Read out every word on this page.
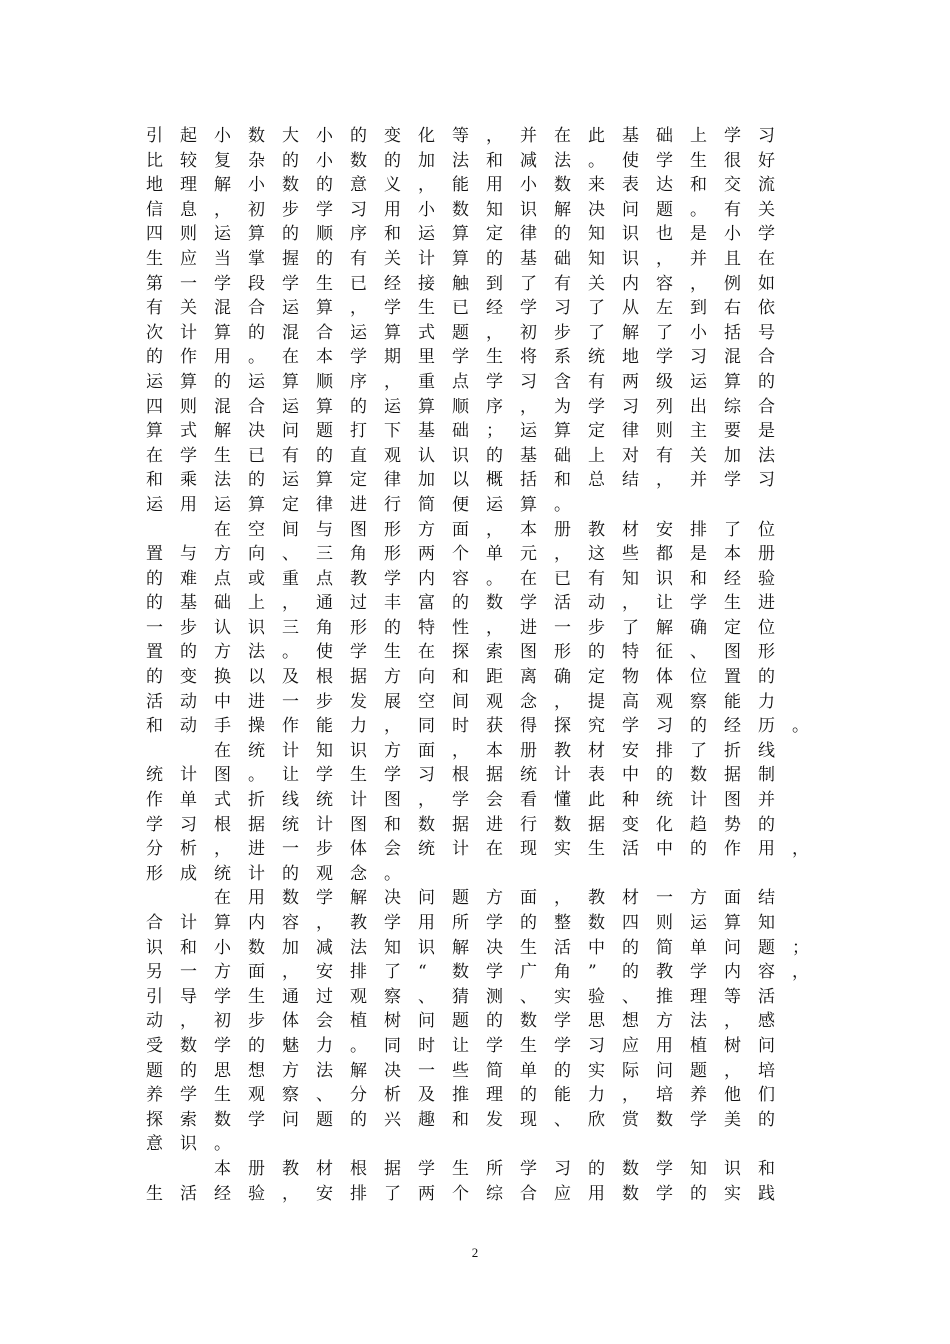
引 起 小 数 大 小 的 变 化 等 ， 并 在 此 基 础 上 学 习
比 较 复 杂 的 小 数 的 加 法 和 减 法 。 使 学 生 很 好
地 理 解 小 数 的 意 义 ， 能 用 小 数 来 表 达 和 交 流
信 息 ， 初 步 学 习 用 小 数 知 识 解 决 问 题 。 有 关
四 则 运 算 的 顺 序 和 运 算 定 律 的 知 识 也 是 小 学
生 应 当 掌 握 的 有 关 计 算 的 基 础 知 识 ， 并 且 在
第 一 学 段 学 生 已 经 接 触 到 了 有 关 内 容 ， 例 如
有 关 混 合 运 算 ， 学 生 已 经 学 习 了 从 左 到 右 依
次 计 算 的 混 合 运 算 式 题 ， 初 步 了 解 了 小 括 号
的 作 用 。 在 本 学 期 里 学 生 将 系 统 地 学 习 混 合
运 算 的 运 算 顺 序 ， 重 点 学 习 含 有 两 级 运 算 的
四 则 混 合 运 算 的 运 算 顺 序 ， 为 学 习 列 出 综 合
算 式 解 决 问 题 打 下 基 础 ； 运 算 定 律 则 主 要 是
在 学 生 已 有 的 直 观 认 识 的 基 础 上 对 有 关 加 法
和 乘 法 的 运 算 定 律 加 以 概 括 和 总 结 ， 并 学 习
运 用 运 算 定 律 进 行 简 便 运 算 。
　　在 空 间 与 图 形 方 面 ， 本 册 教 材 安 排 了 位
置 与 方 向 、 三 角 形 两 个 单 元 ， 这 些 都 是 本 册
的 难 点 或 重 点 教 学 内 容 。 在 已 有 知 识 和 经 验
的 基 础 上 ， 通 过 丰 富 的 数 学 活 动 ， 让 学 生 进
一 步 认 识 三 角 形 的 特 性 ， 进 一 步 了 解 确 定 位
置 的 方 法 。 使 学 生 在 探 索 图 形 的 特 征 、 图 形
的 变 换 以 及 根 据 方 向 和 距 离 确 定 物 体 位 置 的
活 动 中 进 一 步 发 展 空 间 观 念 ， 提 高 观 察 能 力
和 动 手 操 作 能 力 ， 同 时 获 得 探 究 学 习 的 经 历 。
　　在 统 计 知 识 方 面 ， 本 册 教 材 安 排 了 折 线
统 计 图 。 让 学 生 学 习 根 据 统 计 表 中 的 数 据 制
作 单 式 折 线 统 计 图 ， 学 会 看 懂 此 种 统 计 图 并
学 习 根 据 统 计 图 和 数 据 进 行 数 据 变 化 趋 势 的
分 析 ， 进 一 步 体 会 统 计 在 现 实 生 活 中 的 作 用 ，
形 成 统 计 的 观 念 。
　　在 用 数 学 解 决 问 题 方 面 ， 教 材 一 方 面 结
合 计 算 内 容 ， 教 学 用 所 学 的 整 数 四 则 运 算 知
识 和 小 数 加 减 法 知 识 解 决 生 活 中 的 简 单 问 题 ；
另 一 方 面 ， 安 排 了 “ 数 学 广 角 ” 的 教 学 内 容 ，
引 导 学 生 通 过 观 察 、 猜 测 、 实 验 、 推 理 等 活
动 ， 初 步 体 会 植 树 问 题 的 数 学 思 想 方 法 ， 感
受 数 学 的 魅 力 。 同 时 让 学 生 学 习 应 用 植 树 问
题 的 思 想 方 法 解 决 一 些 简 单 的 实 际 问 题 ， 培
养 学 生 观 察 、 分 析 及 推 理 的 能 力 ， 培 养 他 们
探 索 数 学 问 题 的 兴 趣 和 发 现 、 欣 赏 数 学 美 的
意 识 。
　　本 册 教 材 根 据 学 生 所 学 习 的 数 学 知 识 和
生 活 经 验 ， 安 排 了 两 个 综 合 应 用 数 学 的 实 践
2
